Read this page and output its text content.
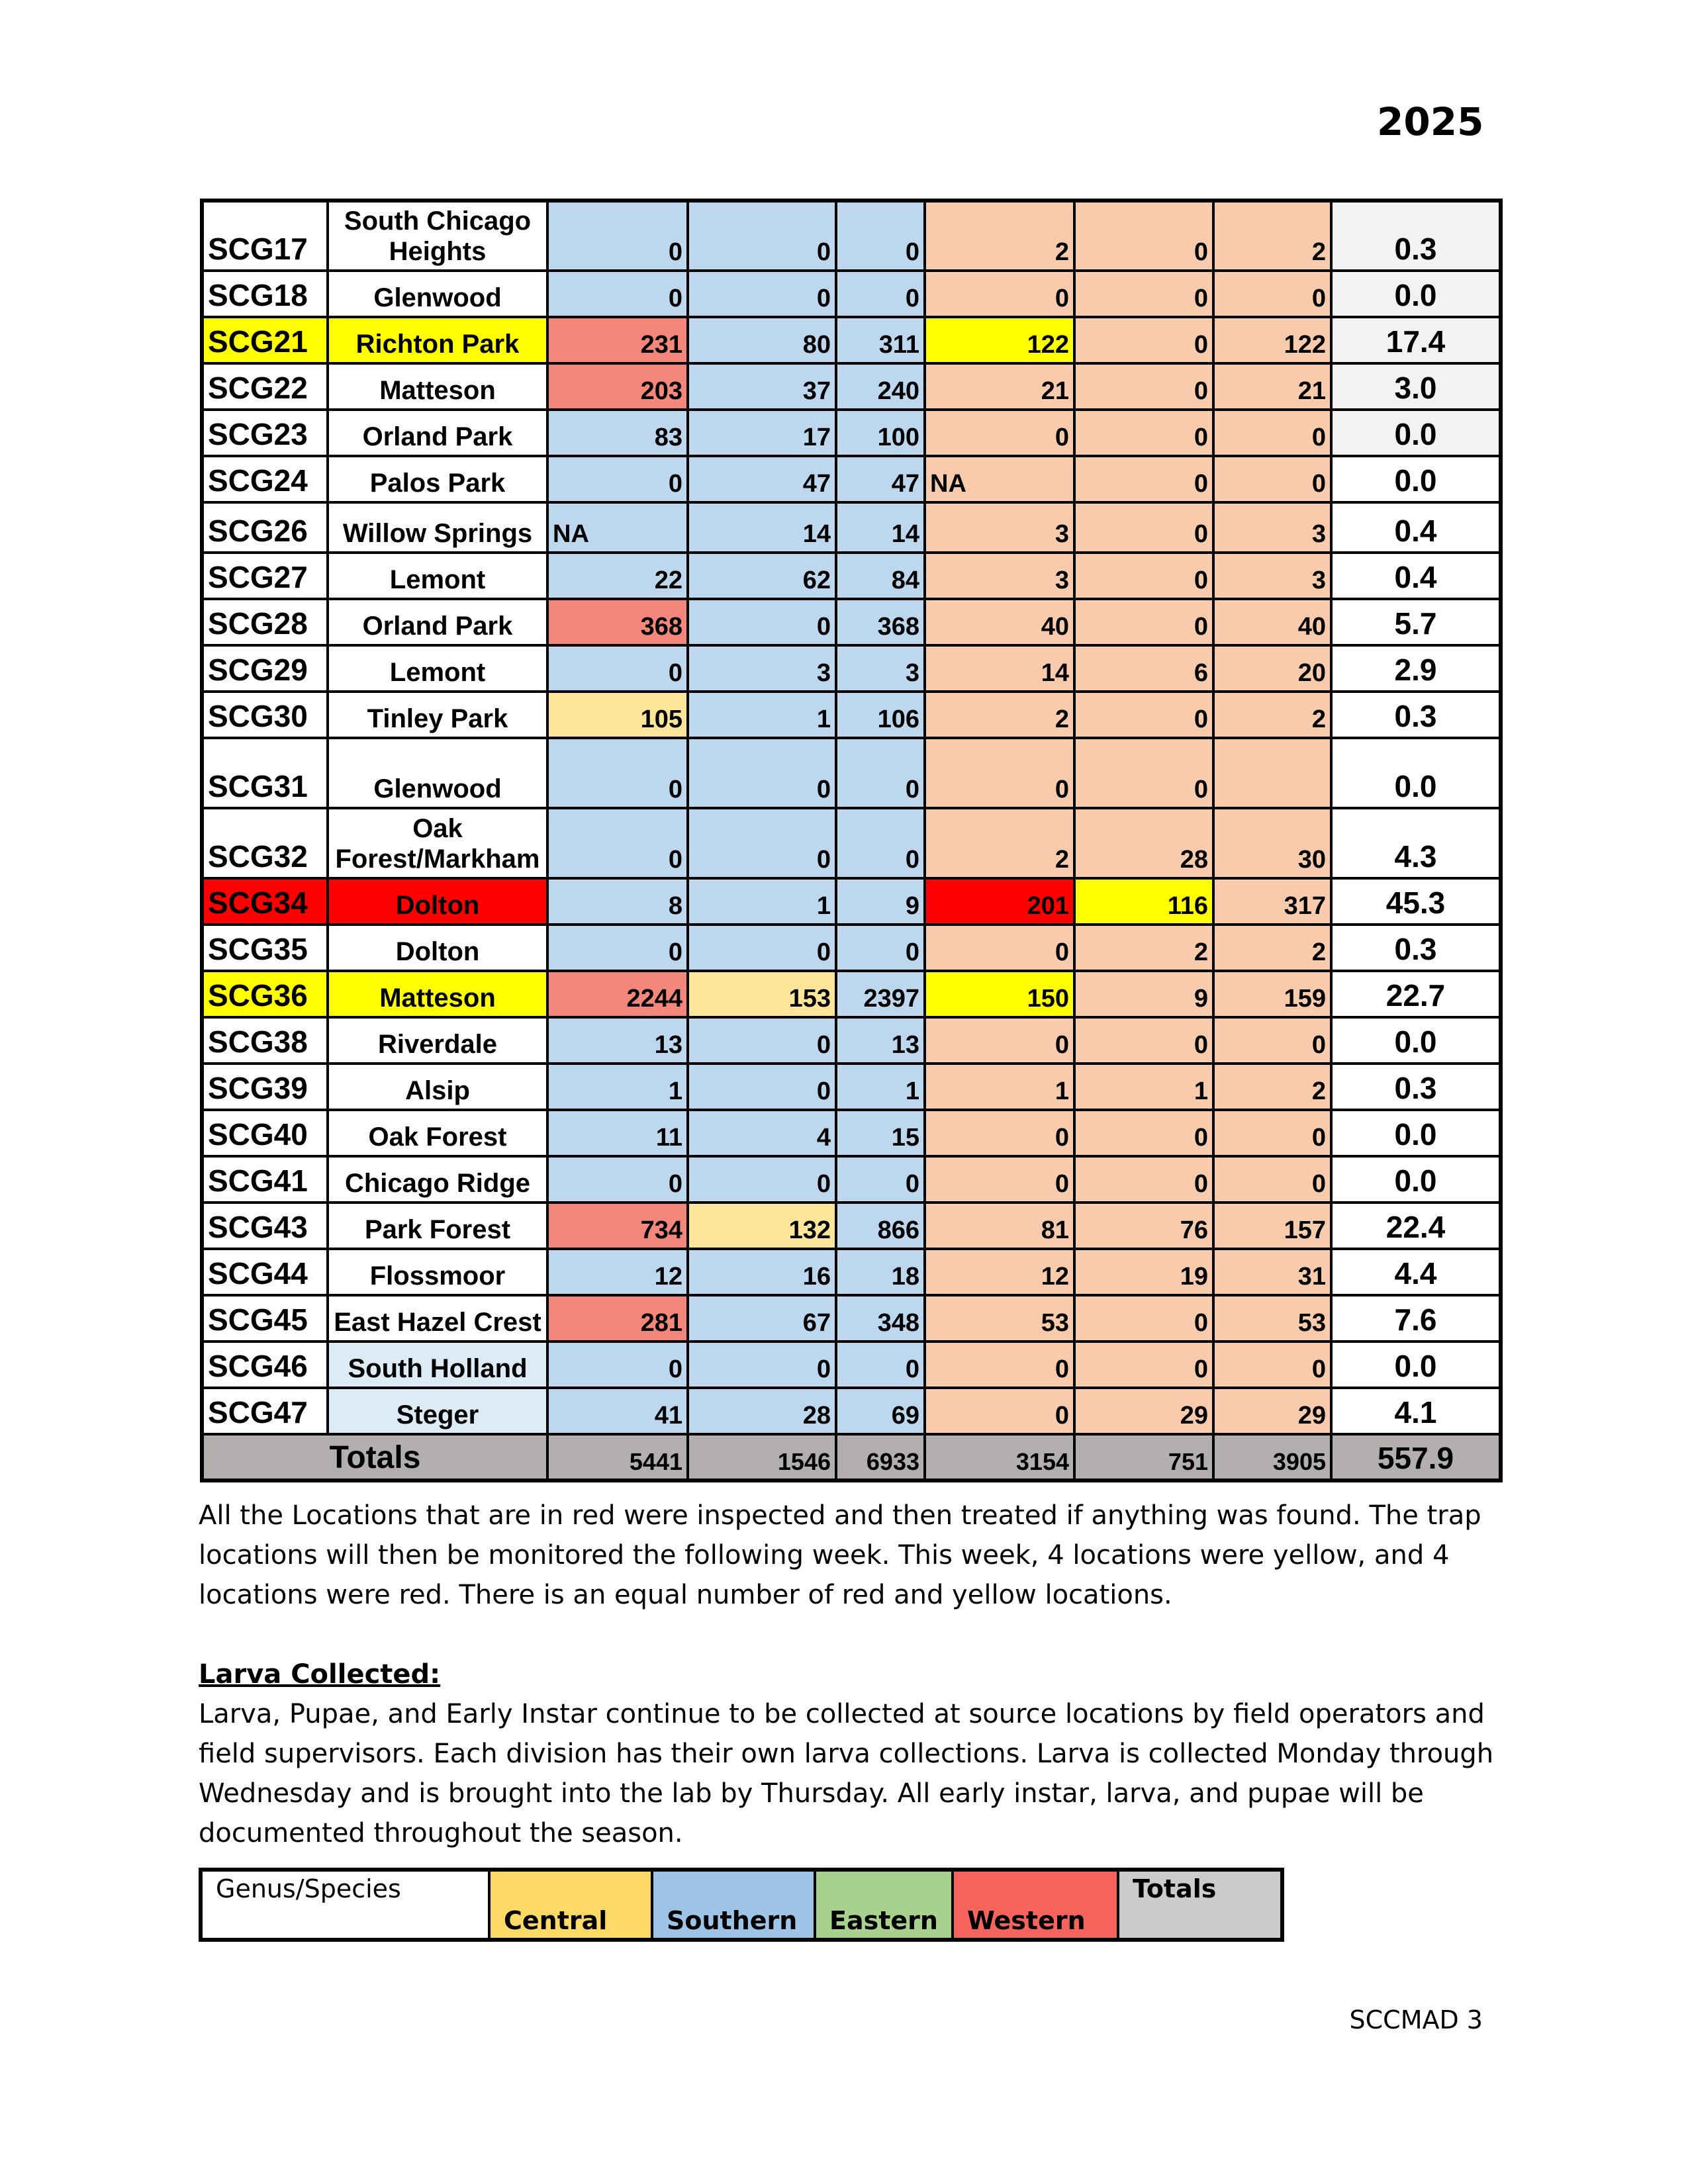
2025
SCG17	South Chicago Heights	0	0	0	2	0	2	0.3
SCG18	Glenwood	0	0	0	0	0	0	0.0
SCG21	Richton Park	231	80	311	122	0	122	17.4
SCG22	Matteson	203	37	240	21	0	21	3.0
SCG23	Orland Park	83	17	100	0	0	0	0.0
SCG24	Palos Park	0	47	47	NA	0	0	0.0
SCG26	Willow Springs	NA	14	14	3	0	3	0.4
SCG27	Lemont	22	62	84	3	0	3	0.4
SCG28	Orland Park	368	0	368	40	0	40	5.7
SCG29	Lemont	0	3	3	14	6	20	2.9
SCG30	Tinley Park	105	1	106	2	0	2	0.3
SCG31	Glenwood	0	0	0	0	0		0.0
SCG32	Oak Forest/Markham	0	0	0	2	28	30	4.3
SCG34	Dolton	8	1	9	201	116	317	45.3
SCG35	Dolton	0	0	0	0	2	2	0.3
SCG36	Matteson	2244	153	2397	150	9	159	22.7
SCG38	Riverdale	13	0	13	0	0	0	0.0
SCG39	Alsip	1	0	1	1	1	2	0.3
SCG40	Oak Forest	11	4	15	0	0	0	0.0
SCG41	Chicago Ridge	0	0	0	0	0	0	0.0
SCG43	Park Forest	734	132	866	81	76	157	22.4
SCG44	Flossmoor	12	16	18	12	19	31	4.4
SCG45	East Hazel Crest	281	67	348	53	0	53	7.6
SCG46	South Holland	0	0	0	0	0	0	0.0
SCG47	Steger	41	28	69	0	29	29	4.1
Totals		5441	1546	6933	3154	751	3905	557.9

All the Locations that are in red were inspected and then treated if anything was found. The trap locations will then be monitored the following week. This week, 4 locations were yellow, and 4 locations were red. There is an equal number of red and yellow locations.

Larva Collected:

Larva, Pupae, and Early Instar continue to be collected at source locations by field operators and field supervisors. Each division has their own larva collections. Larva is collected Monday through Wednesday and is brought into the lab by Thursday. All early instar, larva, and pupae will be documented throughout the season.

Genus/Species	Central	Southern	Eastern	Western	Totals
SCCMAD 3
